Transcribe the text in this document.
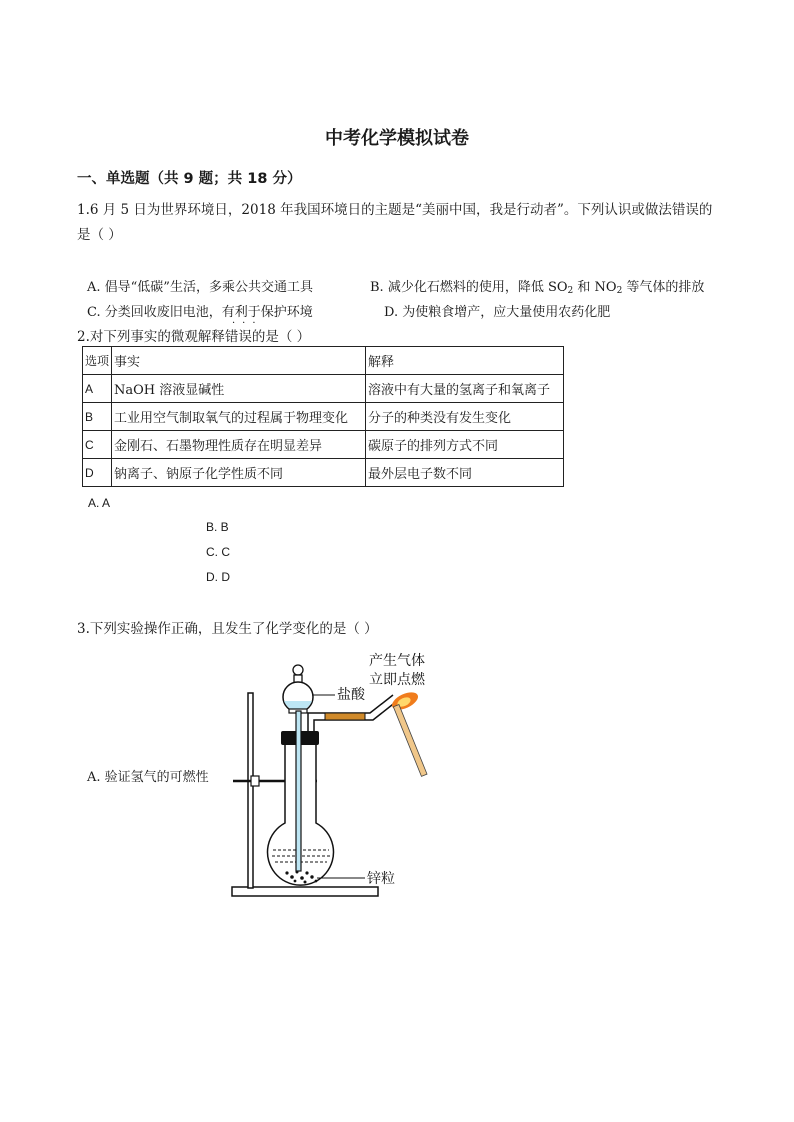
中考化学模拟试卷
一、单选题（共 9 题；共 18 分）
1.6 月 5 日为世界环境日，2018 年我国环境日的主题是“美丽中国，我是行动者”。下列认识或做法错误的
是（ ）
A. 倡导“低碳”生活，多乘公共交通工具	B. 减少化石燃料的使用，降低 $SO_2$ 和 $NO_2$ 等气体的排放
C. 分类回收废旧电池，有利于保护环境	D. 为使粮食增产，应大量使用农药化肥
···
2.对下列事实的微观解释错误的是（ ）
选项	事实	解释
A	NaOH 溶液显碱性	溶液中有大量的氢离子和氧离子
B	工业用空气制取氧气的过程属于物理变化	分子的种类没有发生变化
C	金刚石、石墨物理性质存在明显差异	碳原子的排列方式不同
D	钠离子、钠原子化学性质不同	最外层电子数不同
A. A
B. B
C. C
D. D
3.下列实验操作正确，且发生了化学变化的是（ ）
A. 验证氢气的可燃性
产生气体
立即点燃
盐酸
锌粒
